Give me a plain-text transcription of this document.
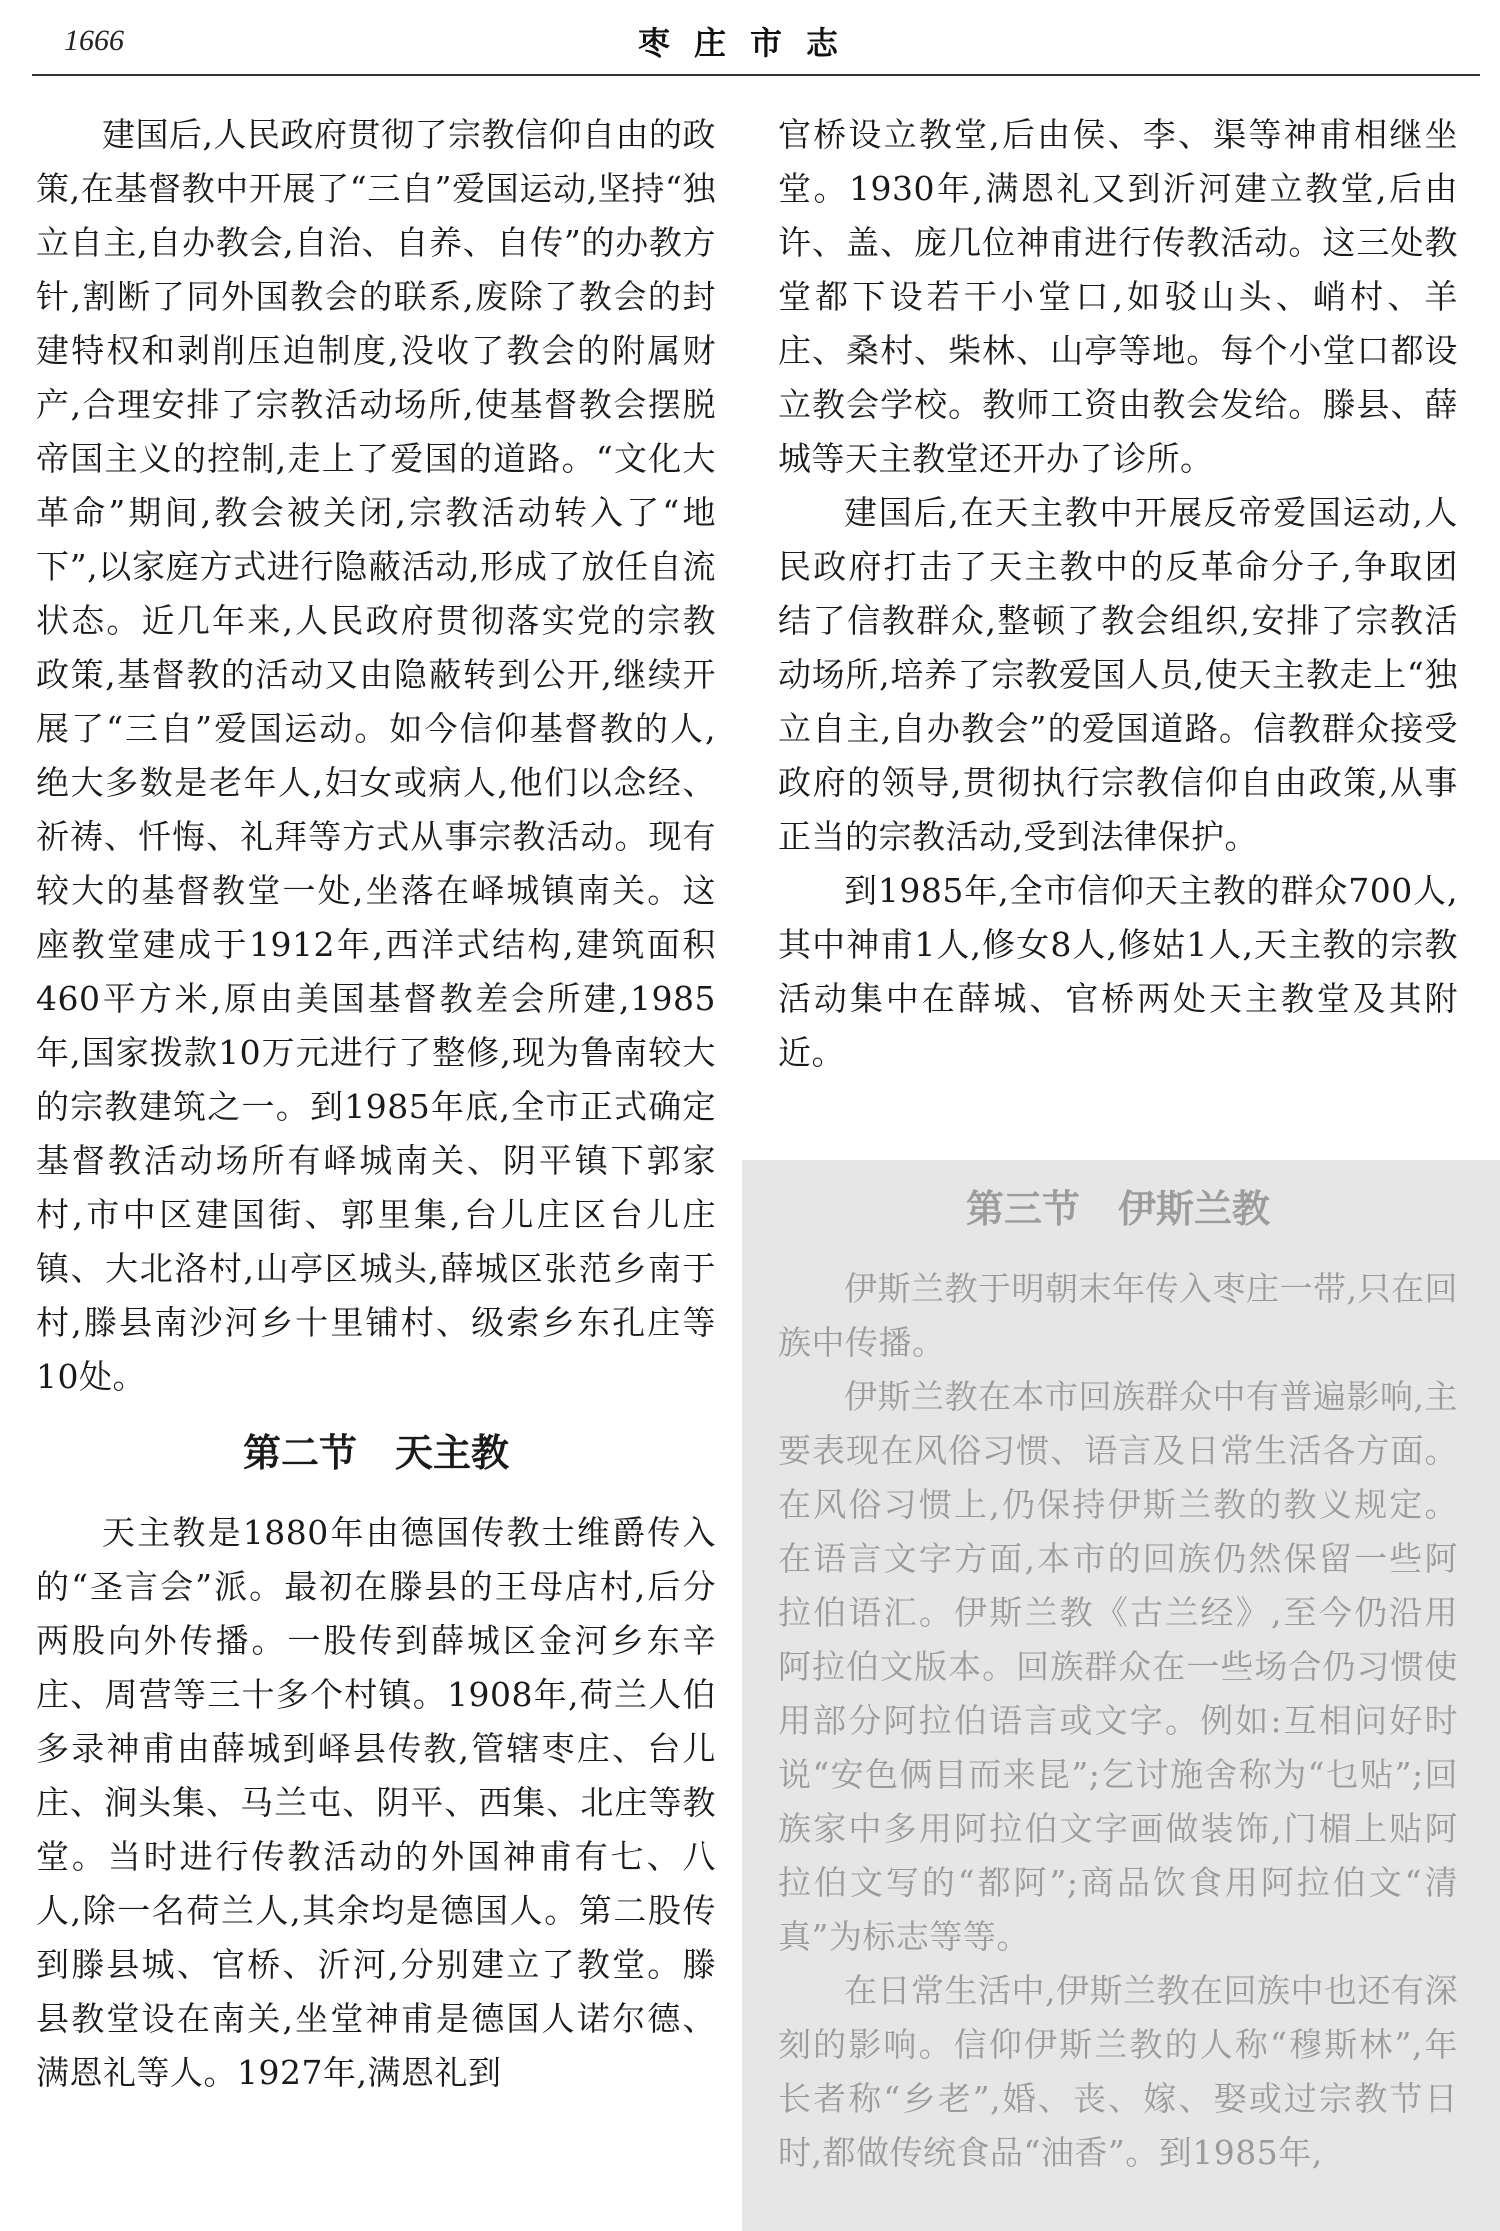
1666	枣庄市志

建国后,人民政府贯彻了宗教信仰自由的政策,在基督教中开展了“三自”爱国运动,坚持“独立自主,自办教会,自治、自养、自传”的办教方针,割断了同外国教会的联系,废除了教会的封建特权和剥削压迫制度,没收了教会的附属财产,合理安排了宗教活动场所,使基督教会摆脱帝国主义的控制,走上了爱国的道路。“文化大革命”期间,教会被关闭,宗教活动转入了“地下”,以家庭方式进行隐蔽活动,形成了放任自流状态。近几年来,人民政府贯彻落实党的宗教政策,基督教的活动又由隐蔽转到公开,继续开展了“三自”爱国运动。如今信仰基督教的人,绝大多数是老年人,妇女或病人,他们以念经、祈祷、忏悔、礼拜等方式从事宗教活动。现有较大的基督教堂一处,坐落在峄城镇南关。这座教堂建成于1912年,西洋式结构,建筑面积460平方米,原由美国基督教差会所建,1985年,国家拨款10万元进行了整修,现为鲁南较大的宗教建筑之一。到1985年底,全市正式确定基督教活动场所有峄城南关、阴平镇下郭家村,市中区建国街、郭里集,台儿庄区台儿庄镇、大北洛村,山亭区城头,薛城区张范乡南于村,滕县南沙河乡十里铺村、级索乡东孔庄等10处。

第二节　天主教

天主教是1880年由德国传教士维爵传入的“圣言会”派。最初在滕县的王母店村,后分两股向外传播。一股传到薛城区金河乡东辛庄、周营等三十多个村镇。1908年,荷兰人伯多录神甫由薛城到峄县传教,管辖枣庄、台儿庄、涧头集、马兰屯、阴平、西集、北庄等教堂。当时进行传教活动的外国神甫有七、八人,除一名荷兰人,其余均是德国人。第二股传到滕县城、官桥、沂河,分别建立了教堂。滕县教堂设在南关,坐堂神甫是德国人诺尔德、满恩礼等人。1927年,满恩礼到

官桥设立教堂,后由侯、李、渠等神甫相继坐堂。1930年,满恩礼又到沂河建立教堂,后由许、盖、庞几位神甫进行传教活动。这三处教堂都下设若干小堂口,如驳山头、峭村、羊庄、桑村、柴林、山亭等地。每个小堂口都设立教会学校。教师工资由教会发给。滕县、薛城等天主教堂还开办了诊所。

建国后,在天主教中开展反帝爱国运动,人民政府打击了天主教中的反革命分子,争取团结了信教群众,整顿了教会组织,安排了宗教活动场所,培养了宗教爱国人员,使天主教走上“独立自主,自办教会”的爱国道路。信教群众接受政府的领导,贯彻执行宗教信仰自由政策,从事正当的宗教活动,受到法律保护。

到1985年,全市信仰天主教的群众700人,其中神甫1人,修女8人,修姑1人,天主教的宗教活动集中在薛城、官桥两处天主教堂及其附近。

第三节　伊斯兰教

伊斯兰教于明朝末年传入枣庄一带,只在回族中传播。

伊斯兰教在本市回族群众中有普遍影响,主要表现在风俗习惯、语言及日常生活各方面。在风俗习惯上,仍保持伊斯兰教的教义规定。在语言文字方面,本市的回族仍然保留一些阿拉伯语汇。伊斯兰教《古兰经》,至今仍沿用阿拉伯文版本。回族群众在一些场合仍习惯使用部分阿拉伯语言或文字。例如:互相问好时说“安色俩目而来昆”;乞讨施舍称为“乜贴”;回族家中多用阿拉伯文字画做装饰,门楣上贴阿拉伯文写的“都阿”;商品饮食用阿拉伯文“清真”为标志等等。

在日常生活中,伊斯兰教在回族中也还有深刻的影响。信仰伊斯兰教的人称“穆斯林”,年长者称“乡老”,婚、丧、嫁、娶或过宗教节日时,都做传统食品“油香”。到1985年,
